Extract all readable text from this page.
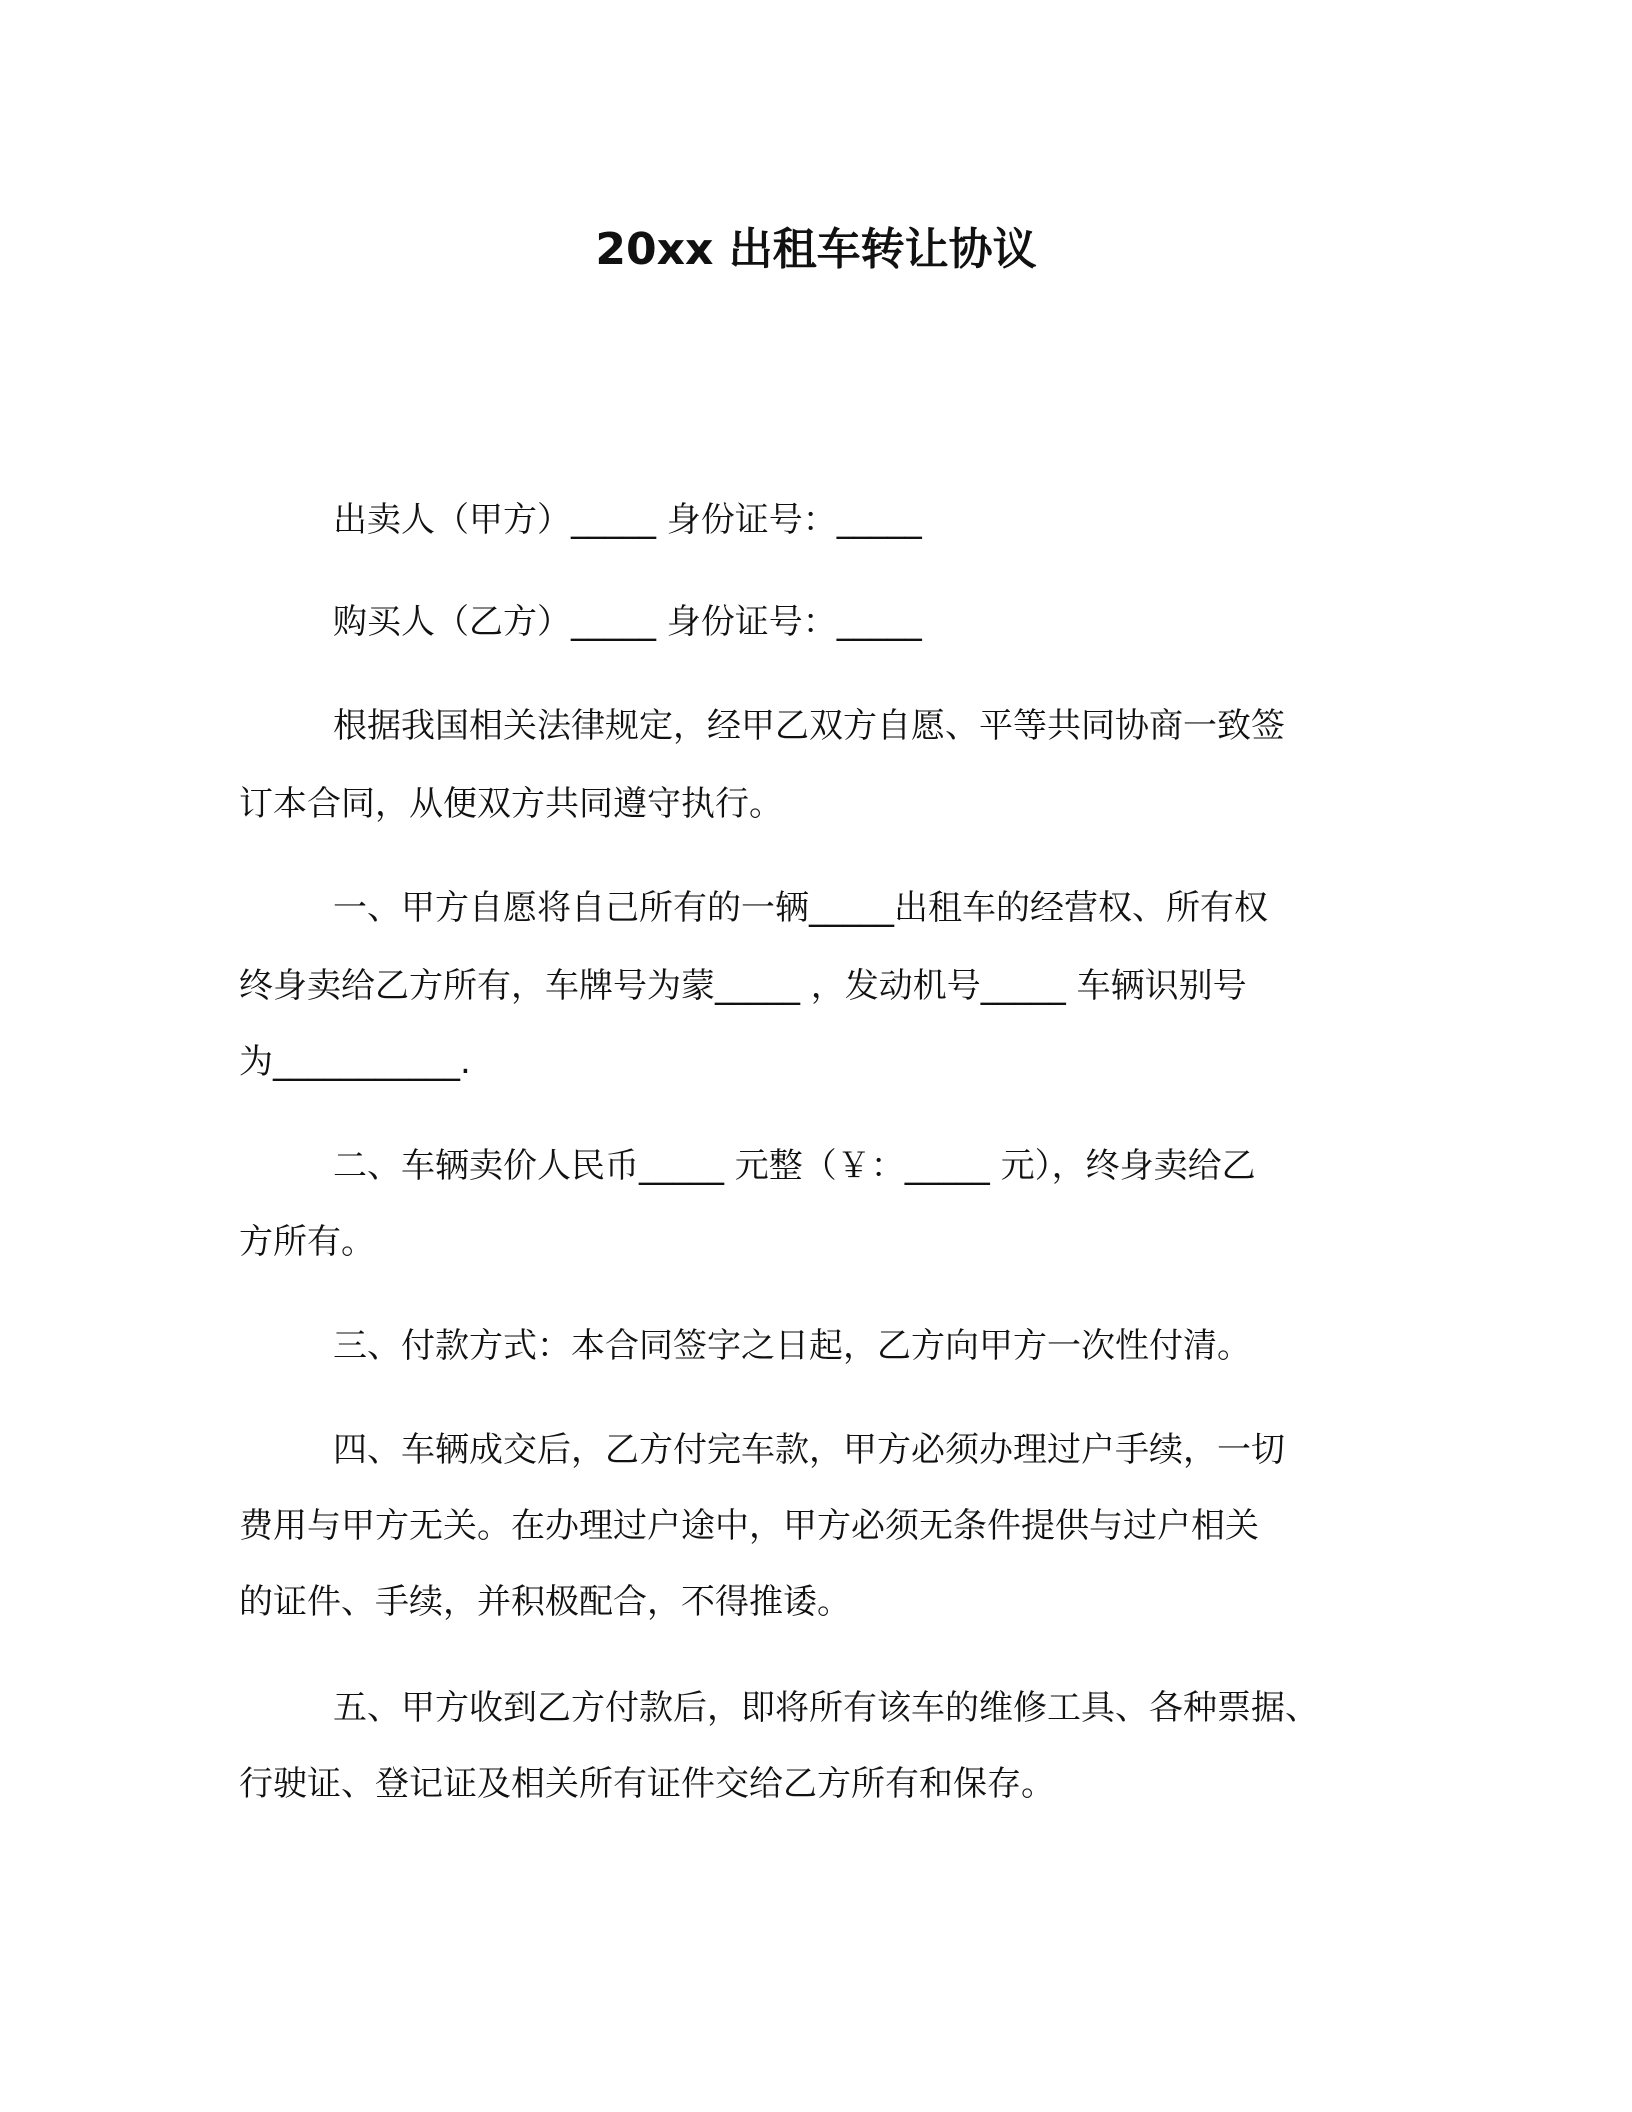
20xx 出租车转让协议
出卖人（甲方）_____ 身份证号：_____
购买人（乙方）_____ 身份证号：_____
根据我国相关法律规定，经甲乙双方自愿、平等共同协商一致签
订本合同，从便双方共同遵守执行。
一、甲方自愿将自己所有的一辆_____出租车的经营权、所有权
终身卖给乙方所有，车牌号为蒙_____ ，发动机号_____ 车辆识别号
为___________.
二、车辆卖价人民币_____ 元整（￥：_____ 元），终身卖给乙
方所有。
三、付款方式：本合同签字之日起，乙方向甲方一次性付清。
四、车辆成交后，乙方付完车款，甲方必须办理过户手续，一切
费用与甲方无关。在办理过户途中，甲方必须无条件提供与过户相关
的证件、手续，并积极配合，不得推诿。
五、甲方收到乙方付款后，即将所有该车的维修工具、各种票据、
行驶证、登记证及相关所有证件交给乙方所有和保存。
